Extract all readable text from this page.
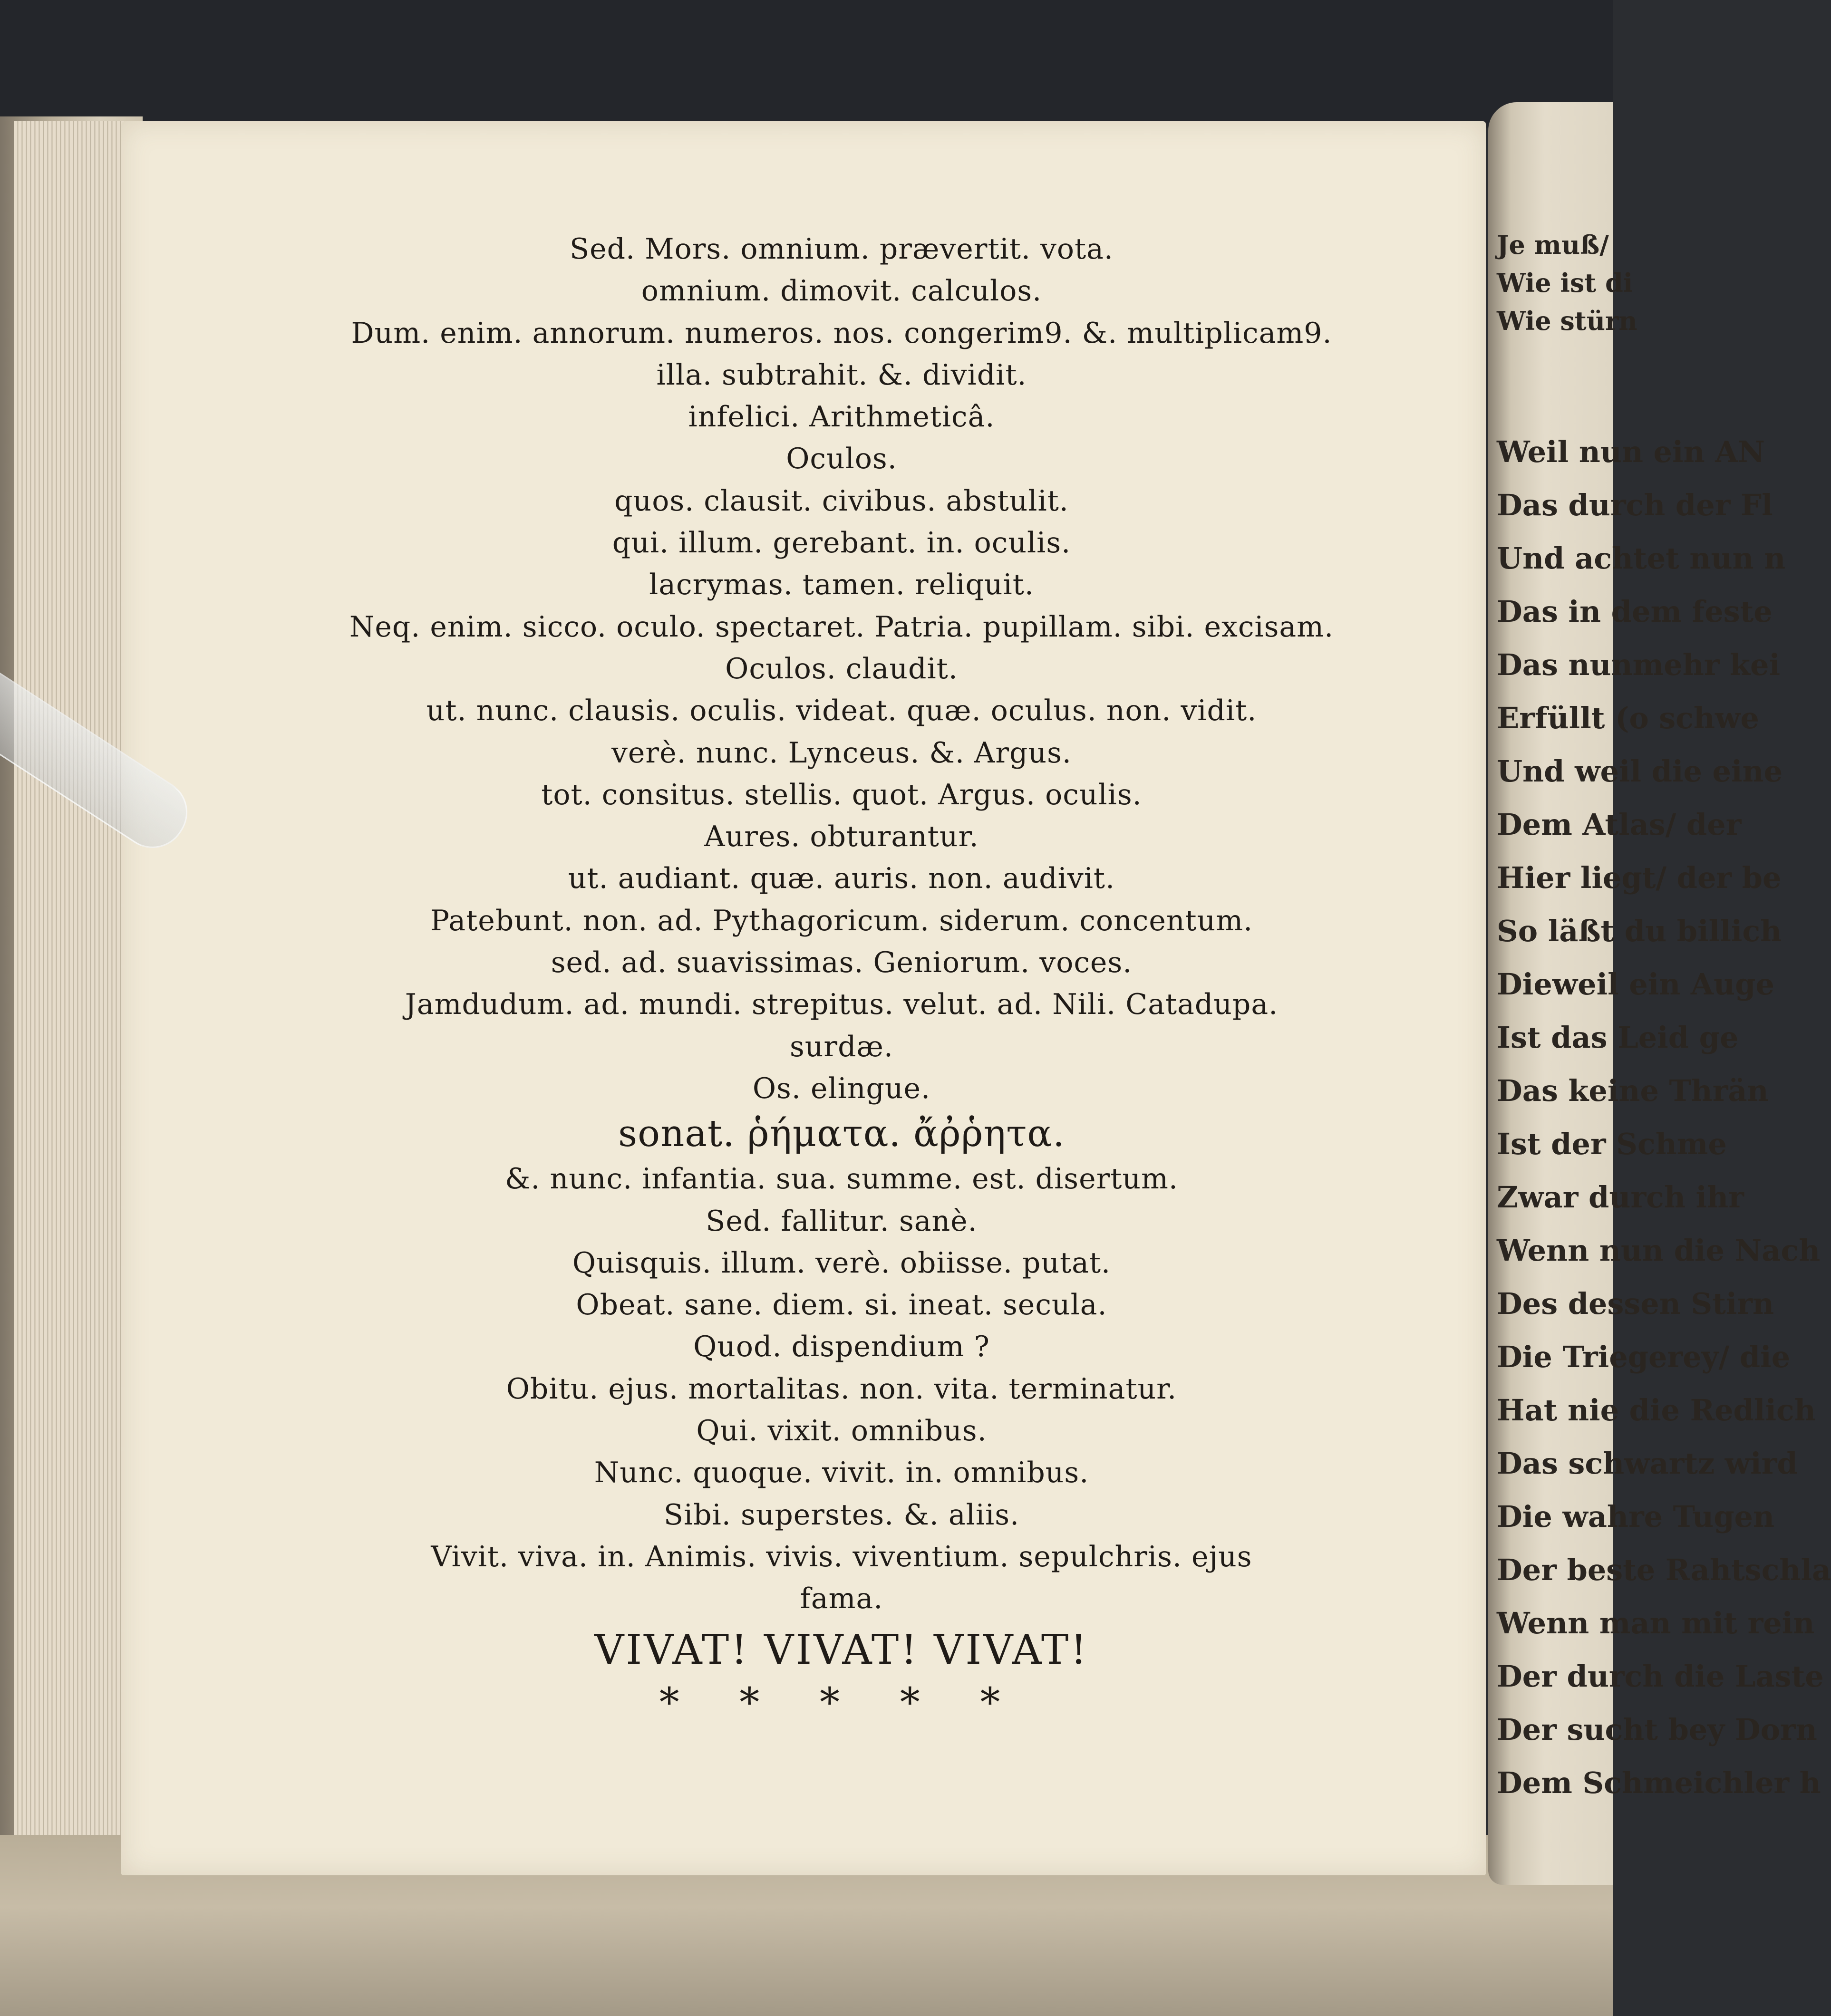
Je muß/
Wie ist di
Wie stürn
Weil nun ein AN
Das durch der Fl
Und achtet nun n
Das in dem feste
Das nunmehr kei
Erfüllt (o schwe
Und weil die eine
Dem Atlas/ der
Hier liegt/ der be
So läßt du billich
Dieweil ein Auge
Ist das Leid ge
Das keine Thrän
Ist der Schme
Zwar durch ihr
Wenn nun die Nach
Des dessen Stirn
Die Triegerey/ die
Hat nie die Redlich
Das schwartz wird
Die wahre Tugen
Der beste Rahtschla
Wenn man mit rein
Der durch die Laste
Der sucht bey Dorn
Dem Schmeichler h
Sed. Mors. omnium. prævertit. vota.
omnium. dimovit. calculos.
Dum. enim. annorum. numeros. nos. congerim9. &. multiplicam9.
illa. subtrahit. &. dividit.
infelici. Arithmeticâ.
Oculos.
quos. clausit. civibus. abstulit.
qui. illum. gerebant. in. oculis.
lacrymas. tamen. reliquit.
Neq. enim. sicco. oculo. spectaret. Patria. pupillam. sibi. excisam.
Oculos. claudit.
ut. nunc. clausis. oculis. videat. quæ. oculus. non. vidit.
verè. nunc. Lynceus. &. Argus.
tot. consitus. stellis. quot. Argus. oculis.
Aures. obturantur.
ut. audiant. quæ. auris. non. audivit.
Patebunt. non. ad. Pythagoricum. siderum. concentum.
sed. ad. suavissimas. Geniorum. voces.
Jamdudum. ad. mundi. strepitus. velut. ad. Nili. Catadupa.
surdæ.
Os. elingue.
sonat. ῥήματα. ἄῤῥητα.
&. nunc. infantia. sua. summe. est. disertum.
Sed. fallitur. sanè.
Quisquis. illum. verè. obiisse. putat.
Obeat. sane. diem. si. ineat. secula.
Quod. dispendium ?
Obitu. ejus. mortalitas. non. vita. terminatur.
Qui. vixit. omnibus.
Nunc. quoque. vivit. in. omnibus.
Sibi. superstes. &. aliis.
Vivit. viva. in. Animis. vivis. viventium. sepulchris. ejus
fama.
VIVAT! VIVAT! VIVAT!
* * * * *
